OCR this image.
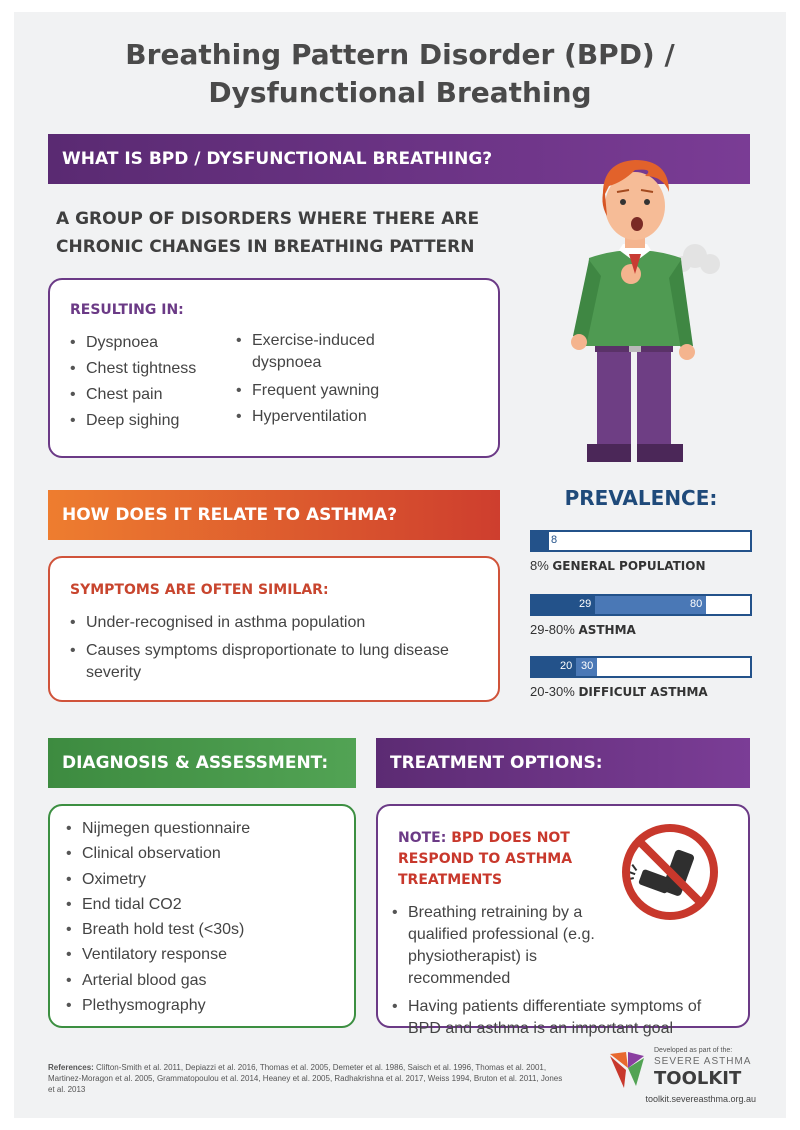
Breathing Pattern Disorder (BPD) /
Dysfunctional Breathing
WHAT IS BPD / DYSFUNCTIONAL BREATHING?
A GROUP OF DISORDERS WHERE THERE ARE
CHRONIC CHANGES IN BREATHING PATTERN
RESULTING IN:
• Dyspnoea
• Chest tightness
• Chest pain
• Deep sighing
• Exercise-induced
dyspnoea
• Frequent yawning
• Hyperventilation
HOW DOES IT RELATE TO ASTHMA?
SYMPTOMS ARE OFTEN SIMILAR:
• Under-recognised in asthma population
• Causes symptoms disproportionate to lung disease severity
PREVALENCE:
8
8% GENERAL POPULATION
29	80
29-80% ASTHMA
20 30
20-30% DIFFICULT ASTHMA
DIAGNOSIS & ASSESSMENT:
• Nijmegen questionnaire
• Clinical observation
• Oximetry
• End tidal CO2
• Breath hold test (<30s)
• Ventilatory response
• Arterial blood gas
• Plethysmography
TREATMENT OPTIONS:
NOTE: BPD DOES NOT
RESPOND TO ASTHMA
TREATMENTS
• Breathing retraining by a qualified professional (e.g. physiotherapist) is recommended
• Having patients differentiate symptoms of BPD and asthma is an important goal
References: Clifton-Smith et al. 2011, Depiazzi et al. 2016, Thomas et al. 2005, Demeter et al. 1986, Saisch et al. 1996, Thomas et al. 2001, Martinez-Moragon et al. 2005, Grammatopoulou et al. 2014, Heaney et al. 2005, Radhakrishna et al. 2017, Weiss 1994, Bruton et al. 2011, Jones et al. 2013
Developed as part of the:
SEVERE ASTHMA
TOOLKIT
toolkit.severeasthma.org.au
